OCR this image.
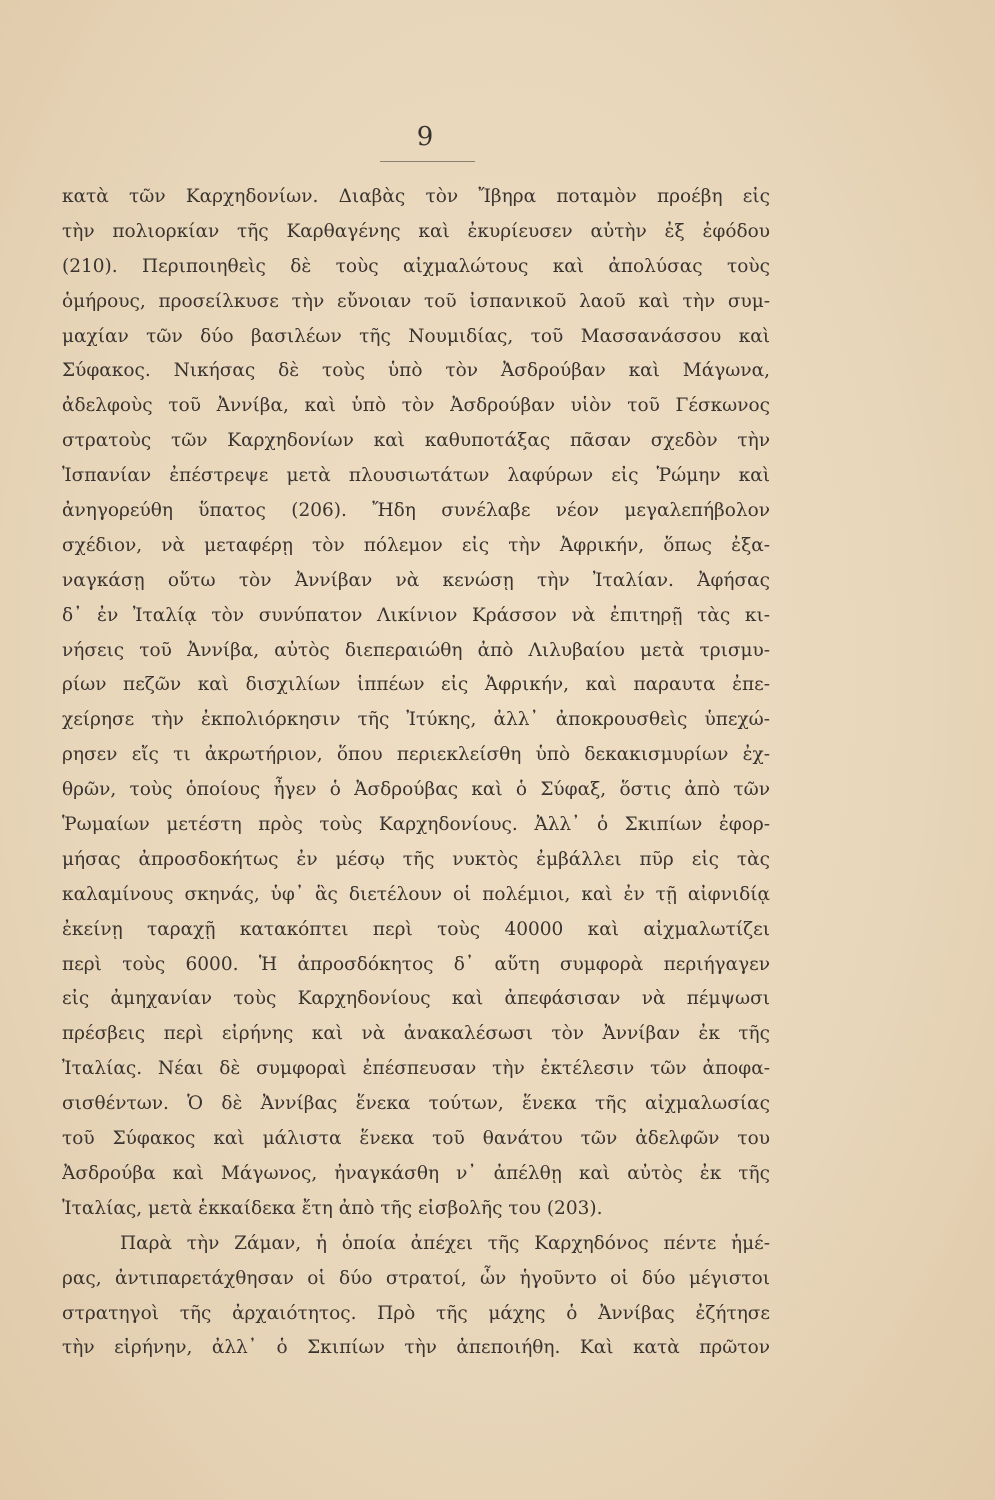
9
κατὰ τῶν Καρχηδονίων. Διαβὰς τὸν Ἴβηρα ποταμὸν προέβη εἰς
τὴν πολιορκίαν τῆς Καρθαγένης καὶ ἐκυρίευσεν αὐτὴν ἐξ ἐφόδου
(210). Περιποιηθεὶς δὲ τοὺς αἰχμαλώτους καὶ ἀπολύσας τοὺς
ὁμήρους, προσείλκυσε τὴν εὔνοιαν τοῦ ἰσπανικοῦ λαοῦ καὶ τὴν συμ-
μαχίαν τῶν δύο βασιλέων τῆς Νουμιδίας, τοῦ Μασσανάσσου καὶ
Σύφακος. Νικήσας δὲ τοὺς ὑπὸ τὸν Ἀσδρούβαν καὶ Μάγωνα,
ἀδελφοὺς τοῦ Ἀννίβα, καὶ ὑπὸ τὸν Ἀσδρούβαν υἱὸν τοῦ Γέσκωνος
στρατοὺς τῶν Καρχηδονίων καὶ καθυποτάξας πᾶσαν σχεδὸν τὴν
Ἰσπανίαν ἐπέστρεψε μετὰ πλουσιωτάτων λαφύρων εἰς Ῥώμην καὶ
ἀνηγορεύθη ὕπατος (206). Ἤδη συνέλαβε νέον μεγαλεπήβολον
σχέδιον, νὰ μεταφέρῃ τὸν πόλεμον εἰς τὴν Ἀφρικήν, ὅπως ἐξα-
ναγκάσῃ οὕτω τὸν Ἀννίβαν νὰ κενώσῃ τὴν Ἰταλίαν. Ἀφήσας
δ᾽ ἐν Ἰταλίᾳ τὸν συνύπατον Λικίνιον Κράσσον νὰ ἐπιτηρῇ τὰς κι-
νήσεις τοῦ Ἀννίβα, αὐτὸς διεπεραιώθη ἀπὸ Λιλυβαίου μετὰ τρισμυ-
ρίων πεζῶν καὶ δισχιλίων ἱππέων εἰς Ἀφρικήν, καὶ παραυτα ἐπε-
χείρησε τὴν ἐκπολιόρκησιν τῆς Ἰτύκης, ἀλλ᾽ ἀποκρουσθεὶς ὑπεχώ-
ρησεν εἴς τι ἀκρωτήριον, ὅπου περιεκλείσθη ὑπὸ δεκακισμυρίων ἐχ-
θρῶν, τοὺς ὁποίους ἦγεν ὁ Ἀσδρούβας καὶ ὁ Σύφαξ, ὅστις ἀπὸ τῶν
Ῥωμαίων μετέστη πρὸς τοὺς Καρχηδονίους. Ἀλλ᾽ ὁ Σκιπίων ἐφορ-
μήσας ἀπροσδοκήτως ἐν μέσῳ τῆς νυκτὸς ἐμβάλλει πῦρ εἰς τὰς
καλαμίνους σκηνάς, ὑφ᾽ ἃς διετέλουν οἱ πολέμιοι, καὶ ἐν τῇ αἰφνιδίᾳ
ἐκείνῃ ταραχῇ κατακόπτει περὶ τοὺς 40000 καὶ αἰχμαλωτίζει
περὶ τοὺς 6000. Ἡ ἀπροσδόκητος δ᾽ αὕτη συμφορὰ περιήγαγεν
εἰς ἀμηχανίαν τοὺς Καρχηδονίους καὶ ἀπεφάσισαν νὰ πέμψωσι
πρέσβεις περὶ εἰρήνης καὶ νὰ ἀνακαλέσωσι τὸν Ἀννίβαν ἐκ τῆς
Ἰταλίας. Νέαι δὲ συμφοραὶ ἐπέσπευσαν τὴν ἐκτέλεσιν τῶν ἀποφα-
σισθέντων. Ὁ δὲ Ἀννίβας ἕνεκα τούτων, ἕνεκα τῆς αἰχμαλωσίας
τοῦ Σύφακος καὶ μάλιστα ἕνεκα τοῦ θανάτου τῶν ἀδελφῶν του
Ἀσδρούβα καὶ Μάγωνος, ἠναγκάσθη ν᾽ ἀπέλθῃ καὶ αὐτὸς ἐκ τῆς
Ἰταλίας, μετὰ ἑκκαίδεκα ἔτη ἀπὸ τῆς εἰσβολῆς του (203).
Παρὰ τὴν Ζάμαν, ἡ ὁποία ἀπέχει τῆς Καρχηδόνος πέντε ἡμέ-
ρας, ἀντιπαρετάχθησαν οἱ δύο στρατοί, ὧν ἡγοῦντο οἱ δύο μέγιστοι
στρατηγοὶ τῆς ἀρχαιότητος. Πρὸ τῆς μάχης ὁ Ἀννίβας ἐζήτησε
τὴν εἰρήνην, ἀλλ᾽ ὁ Σκιπίων τὴν ἀπεποιήθη. Καὶ κατὰ πρῶτον
